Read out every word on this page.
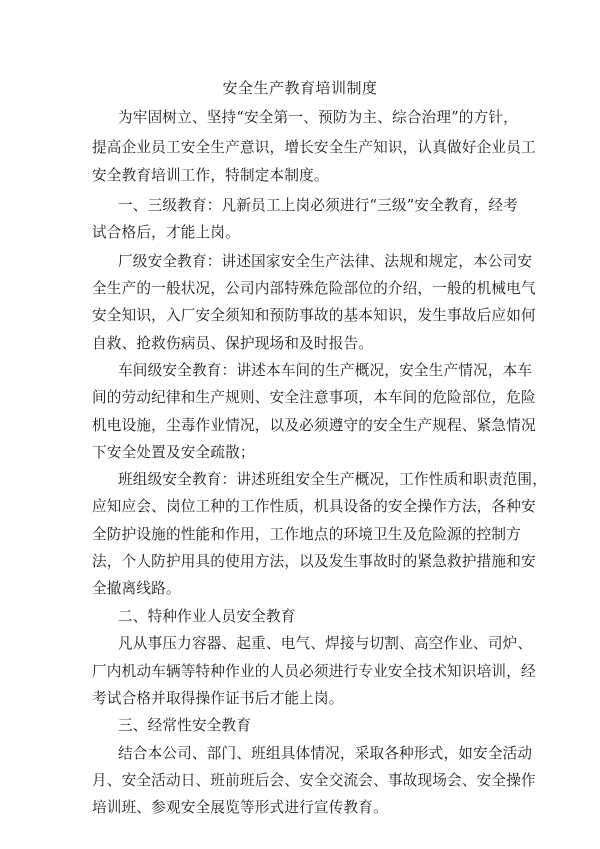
安全生产教育培训制度
为牢固树立、坚持“安全第一、预防为主、综合治理”的方针，
提高企业员工安全生产意识，增长安全生产知识，认真做好企业员工
安全教育培训工作，特制定本制度。
一、三级教育：凡新员工上岗必须进行“三级”安全教育，经考
试合格后，才能上岗。
厂级安全教育：讲述国家安全生产法律、法规和规定，本公司安
全生产的一般状况，公司内部特殊危险部位的介绍，一般的机械电气
安全知识，入厂安全须知和预防事故的基本知识，发生事故后应如何
自救、抢救伤病员、保护现场和及时报告。
车间级安全教育：讲述本车间的生产概况，安全生产情况，本车
间的劳动纪律和生产规则、安全注意事项，本车间的危险部位，危险
机电设施，尘毒作业情况，以及必须遵守的安全生产规程、紧急情况
下安全处置及安全疏散；
班组级安全教育：讲述班组安全生产概况，工作性质和职责范围，
应知应会、岗位工种的工作性质，机具设备的安全操作方法，各种安
全防护设施的性能和作用，工作地点的环境卫生及危险源的控制方
法，个人防护用具的使用方法，以及发生事故时的紧急救护措施和安
全撤离线路。
二、特种作业人员安全教育
凡从事压力容器、起重、电气、焊接与切割、高空作业、司炉、
厂内机动车辆等特种作业的人员必须进行专业安全技术知识培训，经
考试合格并取得操作证书后才能上岗。
三、经常性安全教育
结合本公司、部门、班组具体情况，采取各种形式，如安全活动
月、安全活动日、班前班后会、安全交流会、事故现场会、安全操作
培训班、参观安全展览等形式进行宣传教育。
